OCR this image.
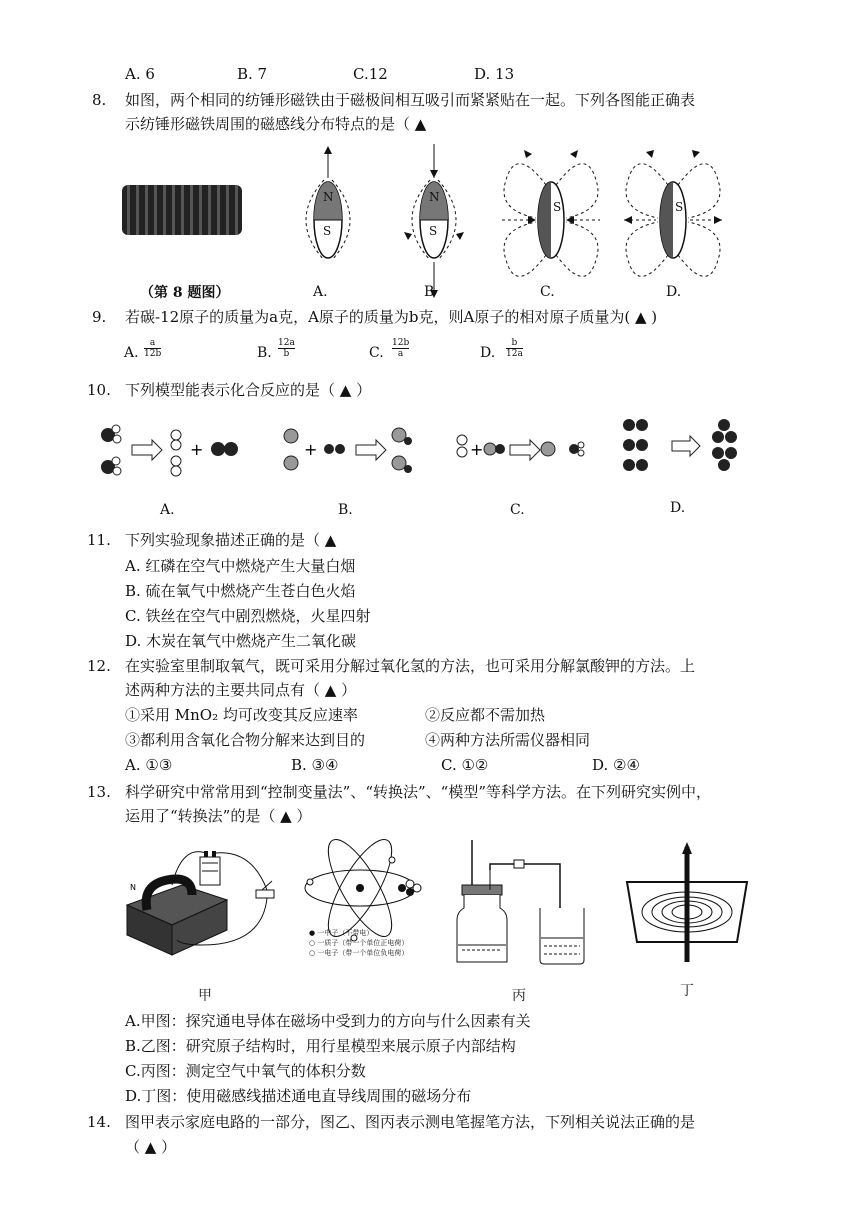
A. 6	B. 7	C.12	D. 13
8. 如图，两个相同的纺锤形磁铁由于磁极间相互吸引而紧紧贴在一起。下列各图能正确表
示纺锤形磁铁周围的磁感线分布特点的是（ ▲
（第 8 题图）
N
S
A.
N
S
B
S
C.
S
D.
9. 若碳-12原子的质量为a克，A原子的质量为b克，则A原子的相对原子质量为( ▲ )
A. $\frac{a}{12b}$	B. $\frac{12a}{b}$	C. $\frac{12b}{a}$	D. $\frac{b}{12a}$
10. 下列模型能表示化合反应的是（ ▲ ）
+	+	+
A.	B.	C.	D.
11. 下列实验现象描述正确的是（ ▲
A. 红磷在空气中燃烧产生大量白烟
B. 硫在氧气中燃烧产生苍白色火焰
C. 铁丝在空气中剧烈燃烧，火星四射
D. 木炭在氧气中燃烧产生二氧化碳
12. 在实验室里制取氧气，既可采用分解过氧化氢的方法，也可采用分解氯酸钾的方法。上
述两种方法的主要共同点有（ ▲ ）
①采用 MnO₂ 均可改变其反应速率	②反应都不需加热
③都利用含氧化合物分解来达到目的	④两种方法所需仪器相同
A. ①③	B. ③④	C. ①②	D. ②④
13. 科学研究中常常用到“控制变量法”、“转换法”、“模型”等科学方法。在下列研究实例中，
运用了“转换法”的是（ ▲ ）
N
● 一中子（不带电）
○ 一质子（带一个单位正电荷）
○ 一电子（带一个单位负电荷）
甲	丙	丁
A.甲图：探究通电导体在磁场中受到力的方向与什么因素有关
B.乙图：研究原子结构时，用行星模型来展示原子内部结构
C.丙图：测定空气中氧气的体积分数
D.丁图：使用磁感线描述通电直导线周围的磁场分布
14. 图甲表示家庭电路的一部分，图乙、图丙表示测电笔握笔方法，下列相关说法正确的是
（ ▲ ）
